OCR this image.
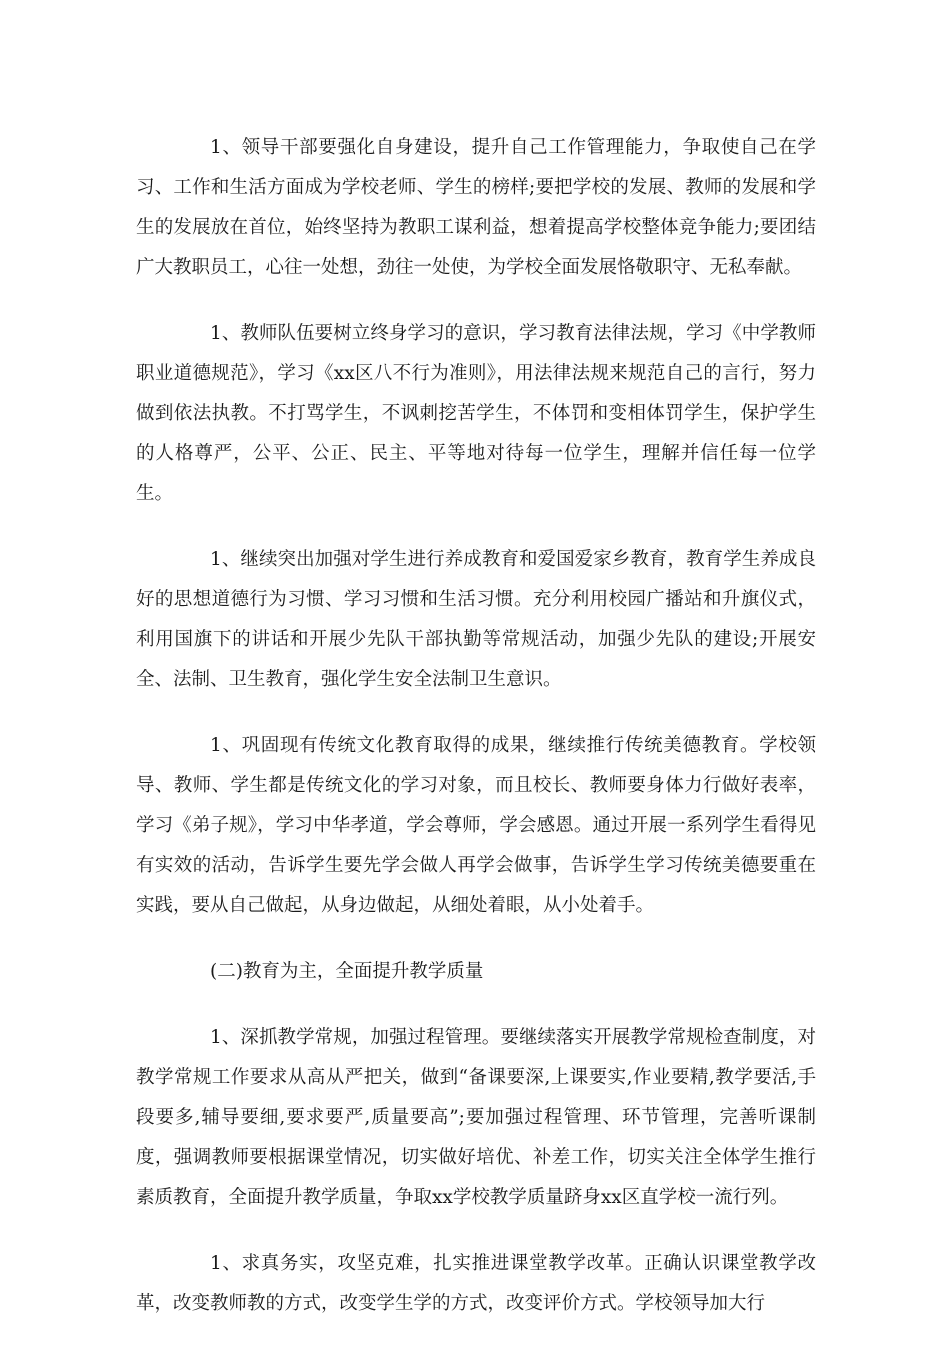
1、领导干部要强化自身建设，提升自己工作管理能力，争取使自己在学习、工作和生活方面成为学校老师、学生的榜样;要把学校的发展、教师的发展和学生的发展放在首位，始终坚持为教职工谋利益，想着提高学校整体竞争能力;要团结广大教职员工，心往一处想，劲往一处使，为学校全面发展恪敬职守、无私奉献。

1、教师队伍要树立终身学习的意识，学习教育法律法规，学习《中学教师职业道德规范》，学习《xx区八不行为准则》，用法律法规来规范自己的言行，努力做到依法执教。不打骂学生，不讽刺挖苦学生，不体罚和变相体罚学生，保护学生的人格尊严，公平、公正、民主、平等地对待每一位学生，理解并信任每一位学生。

1、继续突出加强对学生进行养成教育和爱国爱家乡教育，教育学生养成良好的思想道德行为习惯、学习习惯和生活习惯。充分利用校园广播站和升旗仪式，利用国旗下的讲话和开展少先队干部执勤等常规活动，加强少先队的建设;开展安全、法制、卫生教育，强化学生安全法制卫生意识。

1、巩固现有传统文化教育取得的成果，继续推行传统美德教育。学校领导、教师、学生都是传统文化的学习对象，而且校长、教师要身体力行做好表率，学习《弟子规》，学习中华孝道，学会尊师，学会感恩。通过开展一系列学生看得见有实效的活动，告诉学生要先学会做人再学会做事，告诉学生学习传统美德要重在实践，要从自己做起，从身边做起，从细处着眼，从小处着手。

(二)教育为主，全面提升教学质量

1、深抓教学常规，加强过程管理。要继续落实开展教学常规检查制度，对教学常规工作要求从高从严把关，做到“备课要深,上课要实,作业要精,教学要活,手段要多,辅导要细,要求要严,质量要高”;要加强过程管理、环节管理，完善听课制度，强调教师要根据课堂情况，切实做好培优、补差工作，切实关注全体学生推行素质教育，全面提升教学质量，争取xx学校教学质量跻身xx区直学校一流行列。

1、求真务实，攻坚克难，扎实推进课堂教学改革。正确认识课堂教学改革，改变教师教的方式，改变学生学的方式，改变评价方式。学校领导加大行
